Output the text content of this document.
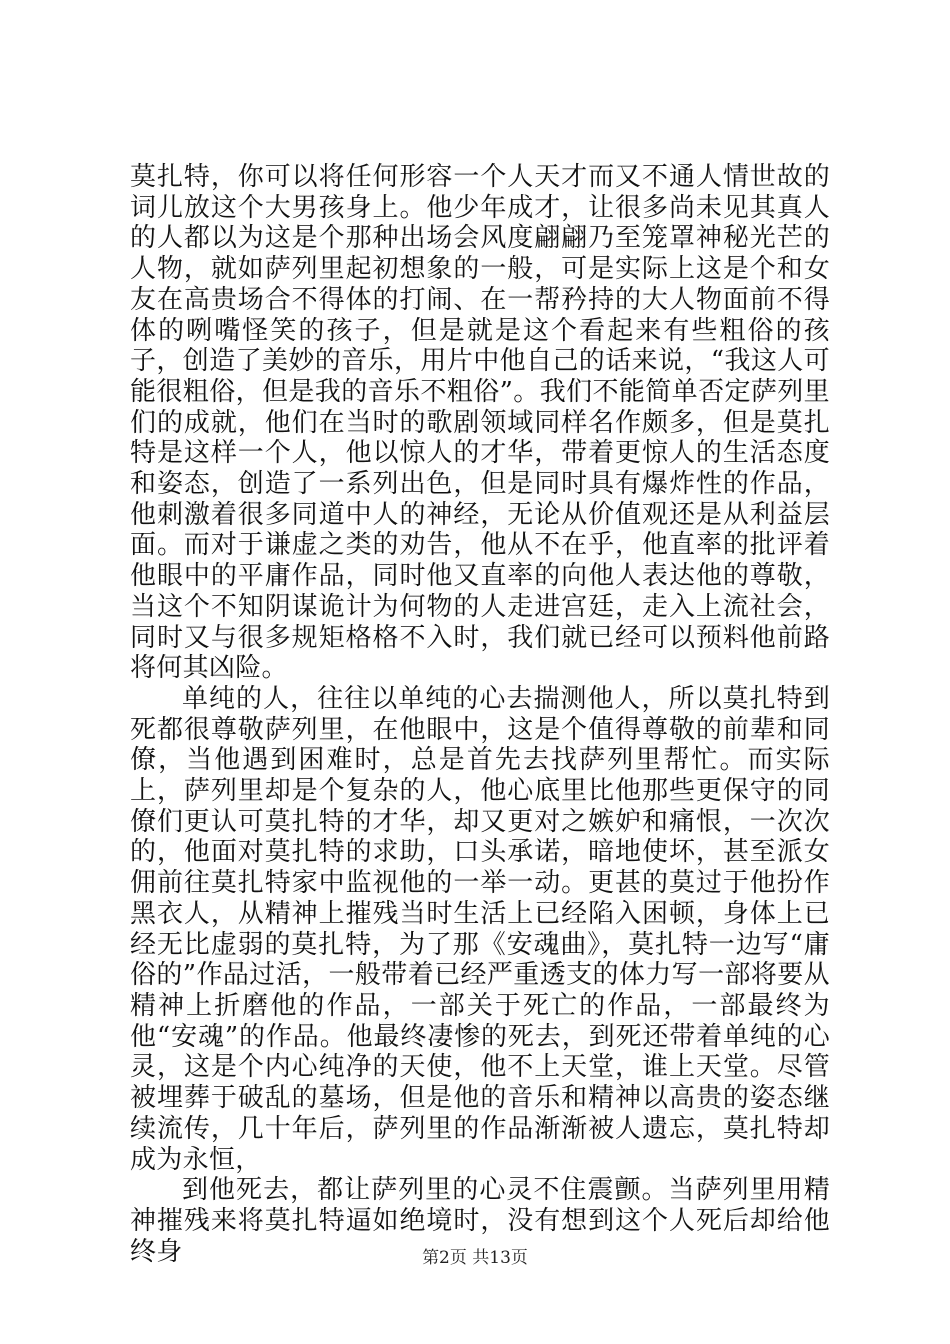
莫扎特，你可以将任何形容一个人天才而又不通人情世故的词儿放这个大男孩身上。他少年成才，让很多尚未见其真人的人都以为这是个那种出场会风度翩翩乃至笼罩神秘光芒的人物，就如萨列里起初想象的一般，可是实际上这是个和女友在高贵场合不得体的打闹、在一帮矜持的大人物面前不得体的咧嘴怪笑的孩子，但是就是这个看起来有些粗俗的孩子，创造了美妙的音乐，用片中他自己的话来说，“我这人可能很粗俗，但是我的音乐不粗俗”。我们不能简单否定萨列里们的成就，他们在当时的歌剧领域同样名作颇多，但是莫扎特是这样一个人，他以惊人的才华，带着更惊人的生活态度和姿态，创造了一系列出色，但是同时具有爆炸性的作品，他刺激着很多同道中人的神经，无论从价值观还是从利益层面。而对于谦虚之类的劝告，他从不在乎，他直率的批评着他眼中的平庸作品，同时他又直率的向他人表达他的尊敬，当这个不知阴谋诡计为何物的人走进宫廷，走入上流社会，同时又与很多规矩格格不入时，我们就已经可以预料他前路将何其凶险。

单纯的人，往往以单纯的心去揣测他人，所以莫扎特到死都很尊敬萨列里，在他眼中，这是个值得尊敬的前辈和同僚，当他遇到困难时，总是首先去找萨列里帮忙。而实际上，萨列里却是个复杂的人，他心底里比他那些更保守的同僚们更认可莫扎特的才华，却又更对之嫉妒和痛恨，一次次的，他面对莫扎特的求助，口头承诺，暗地使坏，甚至派女佣前往莫扎特家中监视他的一举一动。更甚的莫过于他扮作黑衣人，从精神上摧残当时生活上已经陷入困顿，身体上已经无比虚弱的莫扎特，为了那《安魂曲》，莫扎特一边写“庸俗的”作品过活，一般带着已经严重透支的体力写一部将要从精神上折磨他的作品，一部关于死亡的作品，一部最终为他“安魂”的作品。他最终凄惨的死去，到死还带着单纯的心灵，这是个内心纯净的天使，他不上天堂，谁上天堂。尽管被埋葬于破乱的墓场，但是他的音乐和精神以高贵的姿态继续流传，几十年后，萨列里的作品渐渐被人遗忘，莫扎特却成为永恒，

到他死去，都让萨列里的心灵不住震颤。当萨列里用精神摧残来将莫扎特逼如绝境时，没有想到这个人死后却给他终身	第2页 共13页
